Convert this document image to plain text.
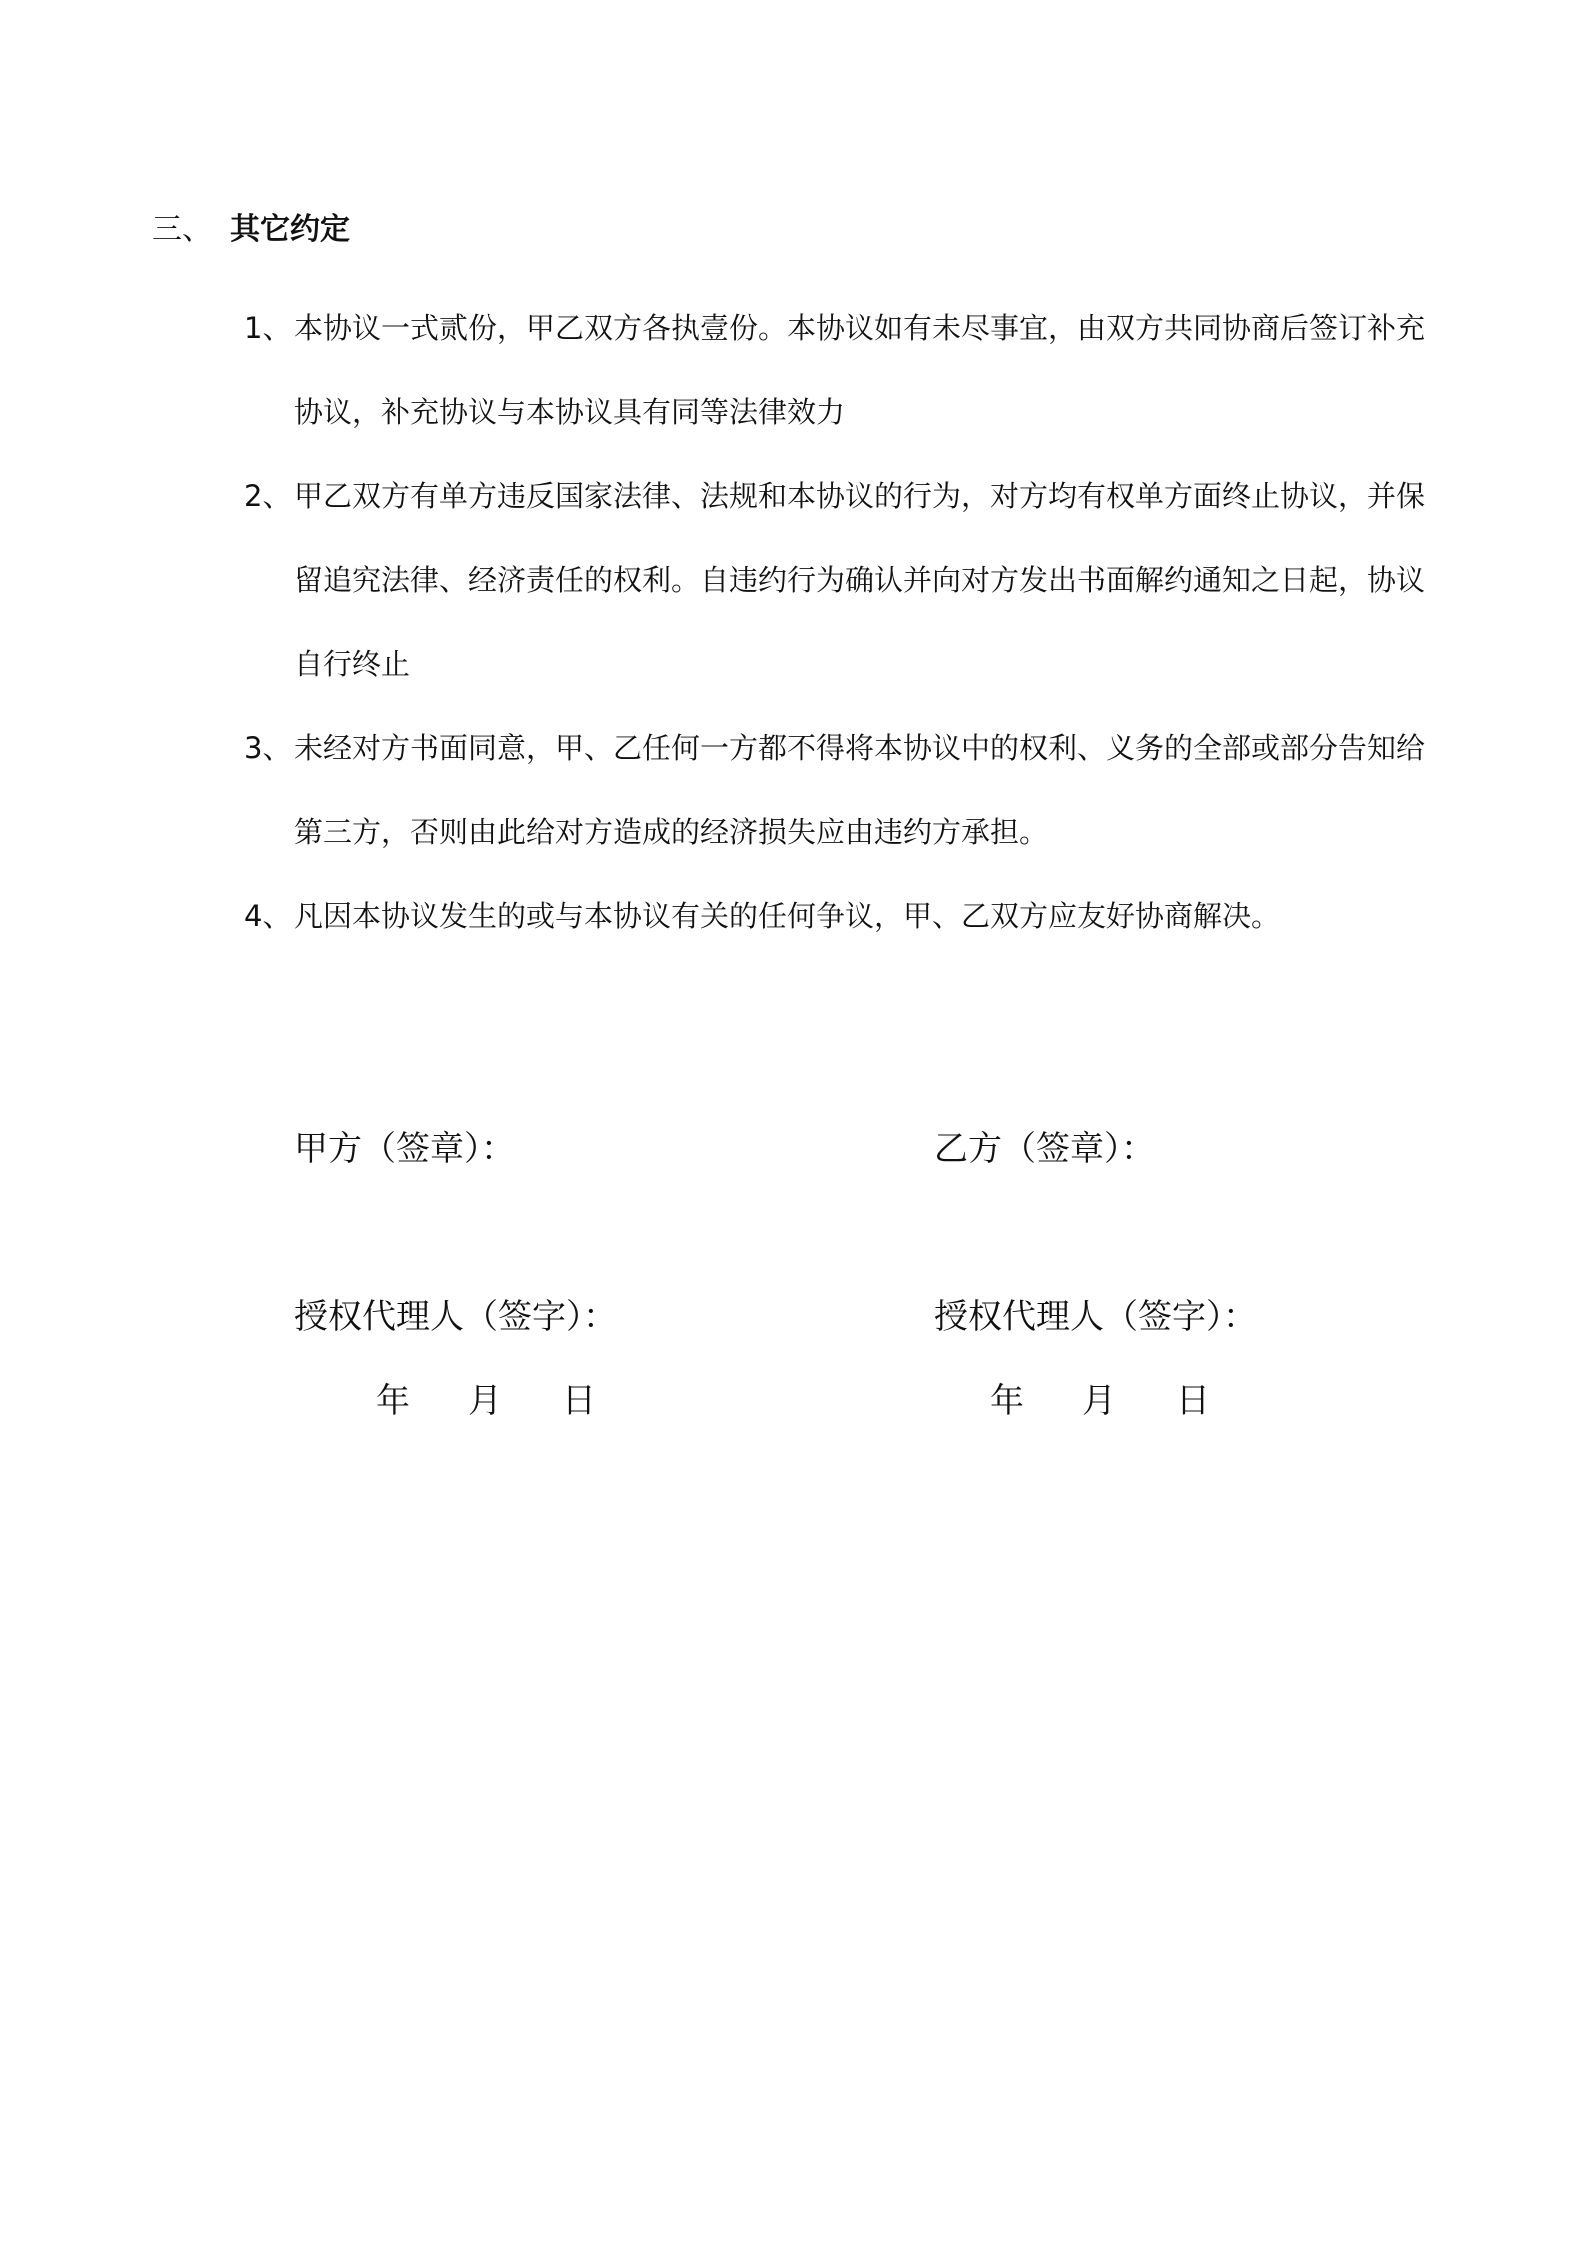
三、 其它约定

1、 本协议一式贰份，甲乙双方各执壹份。本协议如有未尽事宜，由双方共同协商后签订补充协议，补充协议与本协议具有同等法律效力

2、 甲乙双方有单方违反国家法律、法规和本协议的行为，对方均有权单方面终止协议，并保留追究法律、经济责任的权利。自违约行为确认并向对方发出书面解约通知之日起，协议自行终止

3、 未经对方书面同意，甲、乙任何一方都不得将本协议中的权利、义务的全部或部分告知给第三方，否则由此给对方造成的经济损失应由违约方承担。

4、 凡因本协议发生的或与本协议有关的任何争议，甲、乙双方应友好协商解决。

甲方（签章）：	乙方（签章）：
授权代理人（签字）：	授权代理人（签字）：
年 月 日	年 月 日
